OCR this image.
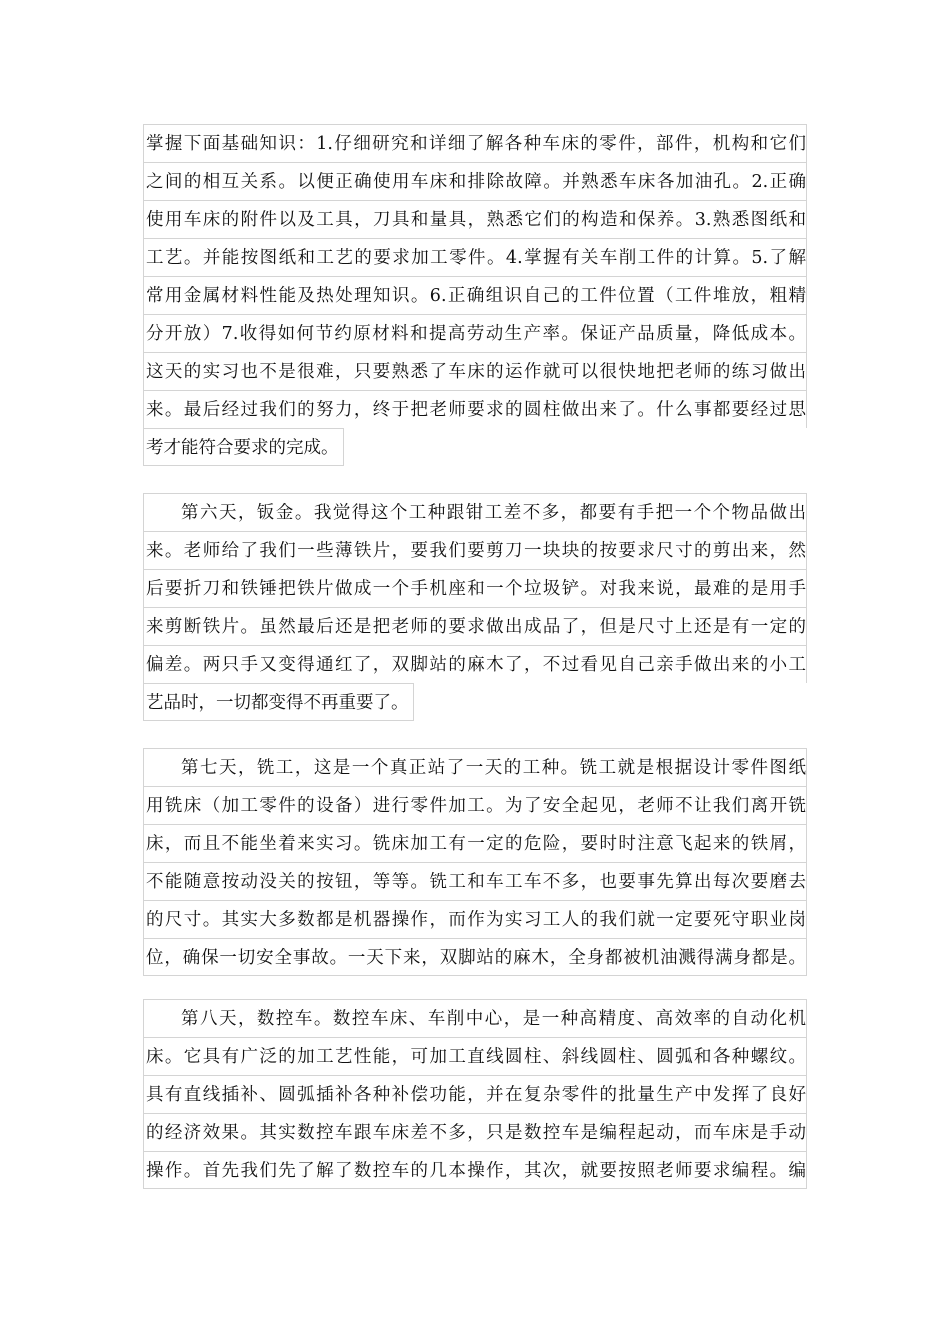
掌握下面基础知识：1.仔细研究和详细了解各种车床的零件，部件，机构和它们
之间的相互关系。以便正确使用车床和排除故障。并熟悉车床各加油孔。2.正确
使用车床的附件以及工具，刀具和量具，熟悉它们的构造和保养。3.熟悉图纸和
工艺。并能按图纸和工艺的要求加工零件。4.掌握有关车削工件的计算。5.了解
常用金属材料性能及热处理知识。6.正确组识自己的工件位置（工件堆放，粗精
分开放）7.收得如何节约原材料和提高劳动生产率。保证产品质量，降低成本。
这天的实习也不是很难，只要熟悉了车床的运作就可以很快地把老师的练习做出
来。最后经过我们的努力，终于把老师要求的圆柱做出来了。什么事都要经过思
考才能符合要求的完成。
第六天，钣金。我觉得这个工种跟钳工差不多，都要有手把一个个物品做出
来。老师给了我们一些薄铁片，要我们要剪刀一块块的按要求尺寸的剪出来，然
后要折刀和铁锤把铁片做成一个手机座和一个垃圾铲。对我来说，最难的是用手
来剪断铁片。虽然最后还是把老师的要求做出成品了，但是尺寸上还是有一定的
偏差。两只手又变得通红了，双脚站的麻木了，不过看见自己亲手做出来的小工
艺品时，一切都变得不再重要了。
第七天，铣工，这是一个真正站了一天的工种。铣工就是根据设计零件图纸
用铣床（加工零件的设备）进行零件加工。为了安全起见，老师不让我们离开铣
床，而且不能坐着来实习。铣床加工有一定的危险，要时时注意飞起来的铁屑，
不能随意按动没关的按钮，等等。铣工和车工车不多，也要事先算出每次要磨去
的尺寸。其实大多数都是机器操作，而作为实习工人的我们就一定要死守职业岗
位，确保一切安全事故。一天下来，双脚站的麻木，全身都被机油溅得满身都是。
第八天，数控车。数控车床、车削中心，是一种高精度、高效率的自动化机
床。它具有广泛的加工艺性能，可加工直线圆柱、斜线圆柱、圆弧和各种螺纹。
具有直线插补、圆弧插补各种补偿功能，并在复杂零件的批量生产中发挥了良好
的经济效果。其实数控车跟车床差不多，只是数控车是编程起动，而车床是手动
操作。首先我们先了解了数控车的几本操作，其次，就要按照老师要求编程。编
